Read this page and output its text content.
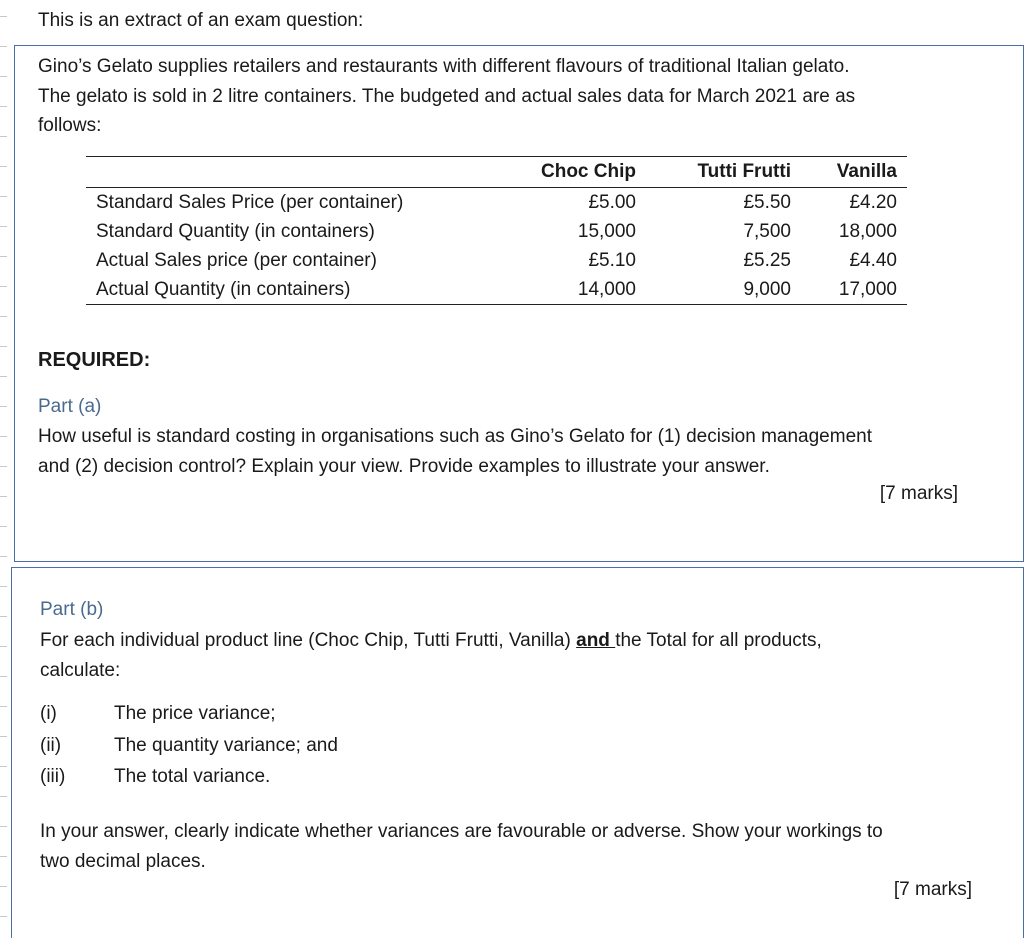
This is an extract of an exam question:
Gino’s Gelato supplies retailers and restaurants with different flavours of traditional Italian gelato.
The gelato is sold in 2 litre containers. The budgeted and actual sales data for March 2021 are as
follows:
	Choc Chip	Tutti Frutti	Vanilla
Standard Sales Price (per container)	£5.00	£5.50	£4.20
Standard Quantity (in containers)	15,000	7,500	18,000
Actual Sales price (per container)	£5.10	£5.25	£4.40
Actual Quantity (in containers)	14,000	9,000	17,000
REQUIRED:
Part (a)
How useful is standard costing in organisations such as Gino’s Gelato for (1) decision management
and (2) decision control? Explain your view. Provide examples to illustrate your answer.
[7 marks]
Part (b)
For each individual product line (Choc Chip, Tutti Frutti, Vanilla) and the Total for all products,
calculate:
(i)	The price variance;
(ii)	The quantity variance; and
(iii)	The total variance.
In your answer, clearly indicate whether variances are favourable or adverse. Show your workings to
two decimal places.
[7 marks]
